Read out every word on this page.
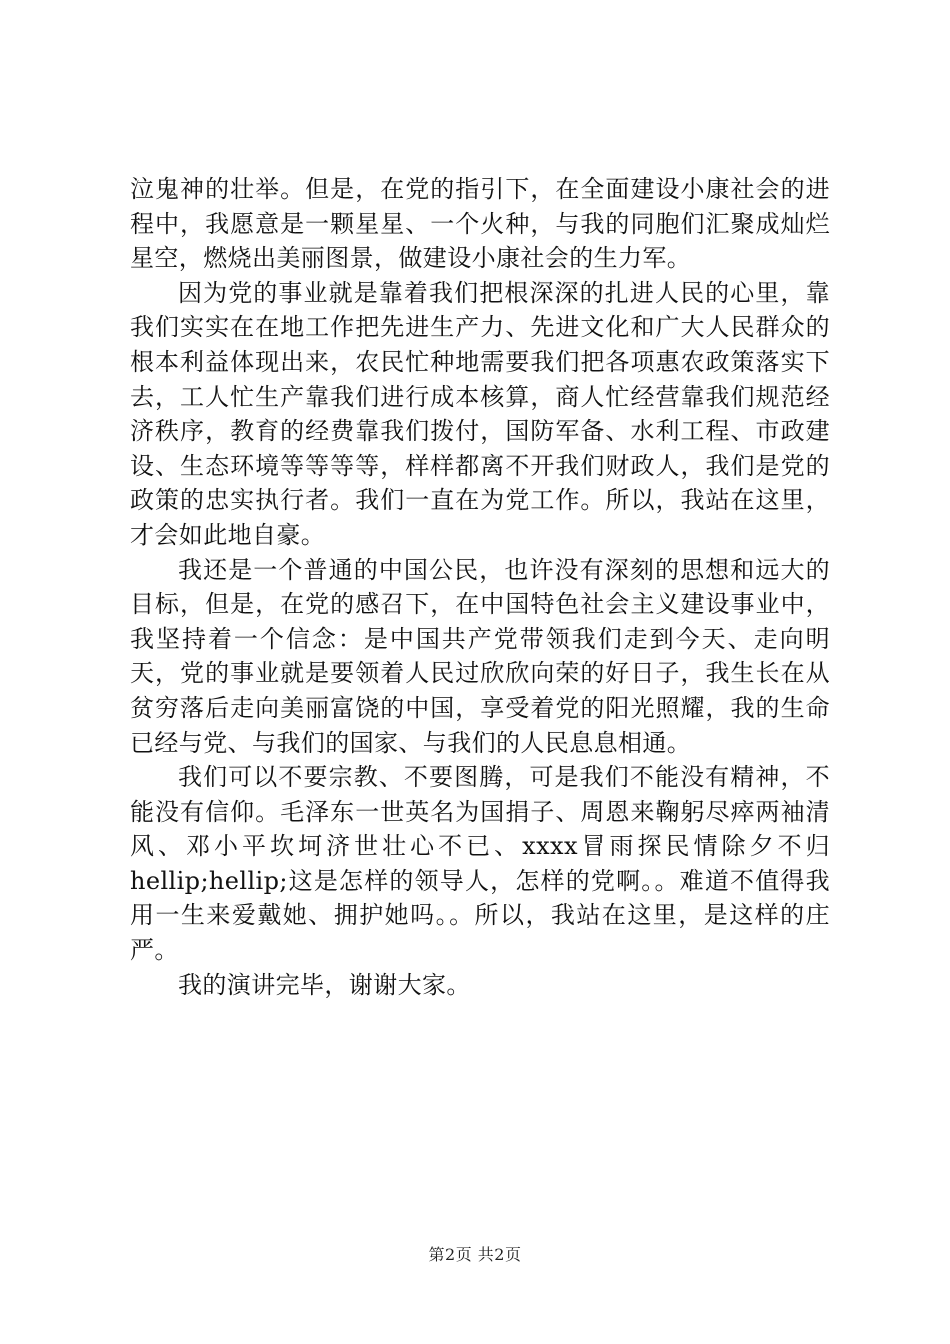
泣鬼神的壮举。但是，在党的指引下，在全面建设小康社会的进程中，我愿意是一颗星星、一个火种，与我的同胞们汇聚成灿烂星空，燃烧出美丽图景，做建设小康社会的生力军。

因为党的事业就是靠着我们把根深深的扎进人民的心里，靠我们实实在在地工作把先进生产力、先进文化和广大人民群众的根本利益体现出来，农民忙种地需要我们把各项惠农政策落实下去，工人忙生产靠我们进行成本核算，商人忙经营靠我们规范经济秩序，教育的经费靠我们拨付，国防军备、水利工程、市政建设、生态环境等等等等，样样都离不开我们财政人，我们是党的政策的忠实执行者。我们一直在为党工作。所以，我站在这里，才会如此地自豪。

我还是一个普通的中国公民，也许没有深刻的思想和远大的目标，但是，在党的感召下，在中国特色社会主义建设事业中，我坚持着一个信念：是中国共产党带领我们走到今天、走向明天，党的事业就是要领着人民过欣欣向荣的好日子，我生长在从贫穷落后走向美丽富饶的中国，享受着党的阳光照耀，我的生命已经与党、与我们的国家、与我们的人民息息相通。

我们可以不要宗教、不要图腾，可是我们不能没有精神，不能没有信仰。毛泽东一世英名为国捐子、周恩来鞠躬尽瘁两袖清风、邓小平坎坷济世壮心不已、xxxx冒雨探民情除夕不归hellip;hellip;这是怎样的领导人，怎样的党啊。。难道不值得我用一生来爱戴她、拥护她吗。。所以，我站在这里，是这样的庄严。

我的演讲完毕，谢谢大家。

第2页 共2页
